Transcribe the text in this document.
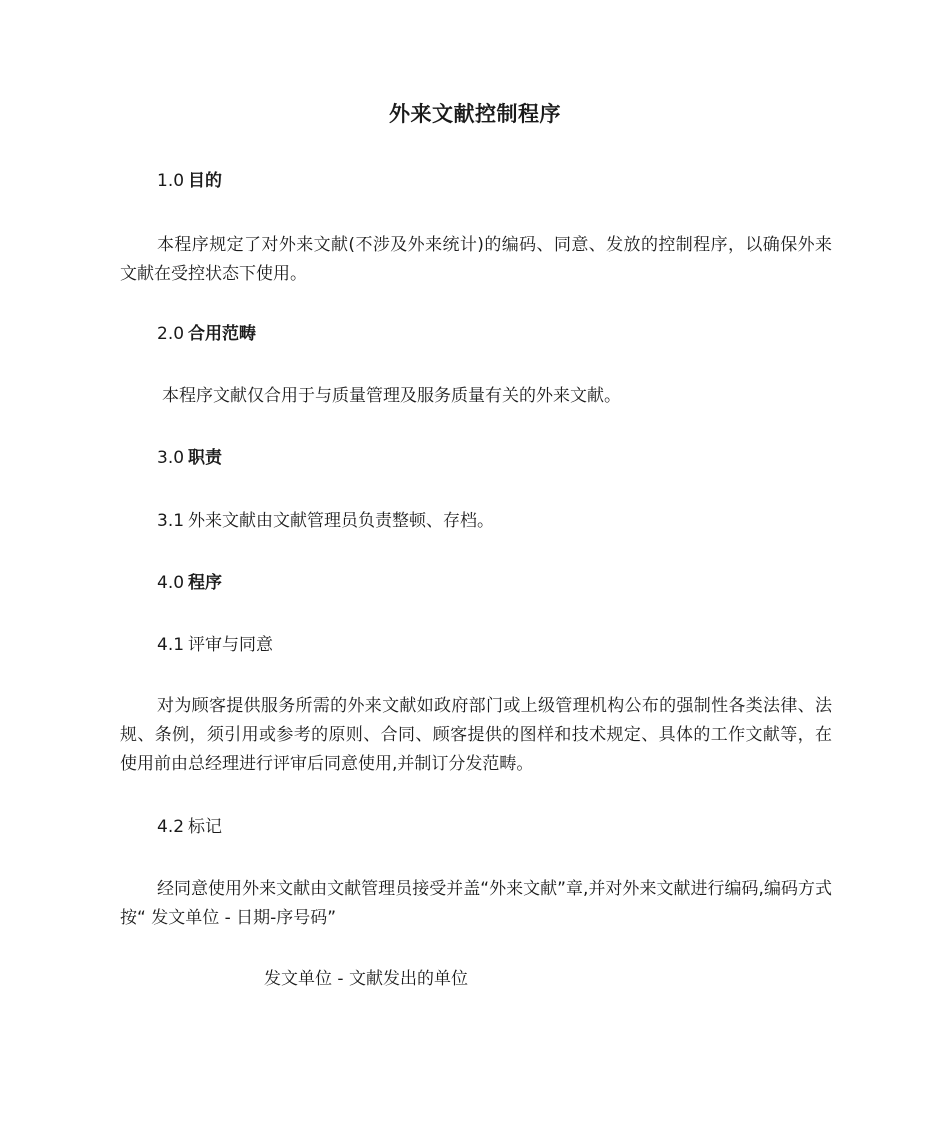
外来文献控制程序
1.0 目的
本程序规定了对外来文献(不涉及外来统计)的编码、同意、发放的控制程序，以确保外来文献在受控状态下使用。
2.0 合用范畴
本程序文献仅合用于与质量管理及服务质量有关的外来文献。
3.0 职责
3.1 外来文献由文献管理员负责整顿、存档。
4.0 程序
4.1 评审与同意
对为顾客提供服务所需的外来文献如政府部门或上级管理机构公布的强制性各类法律、法规、条例，须引用或参考的原则、合同、顾客提供的图样和技术规定、具体的工作文献等，在使用前由总经理进行评审后同意使用,并制订分发范畴。
4.2 标记
经同意使用外来文献由文献管理员接受并盖“外来文献”章,并对外来文献进行编码,编码方式按“ 发文单位 - 日期-序号码”
发文单位 - 文献发出的单位
